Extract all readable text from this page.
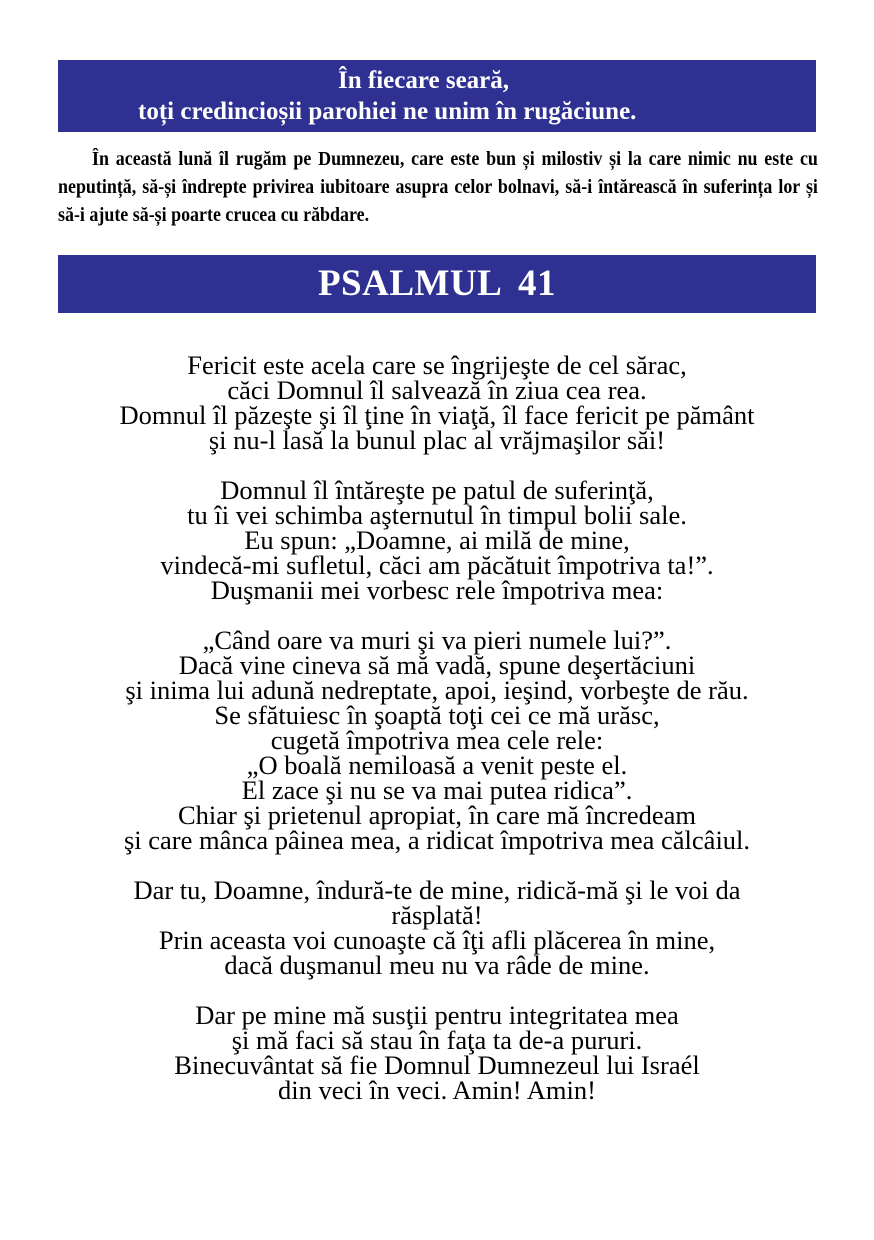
În fiecare seară,
toți credincioșii parohiei ne unim în rugăciune.

În această lună îl rugăm pe Dumnezeu, care este bun și milostiv și la care nimic nu este cu neputință, să-și îndrepte privirea iubitoare asupra celor bolnavi, să-i întărească în suferința lor și să-i ajute să-și poarte crucea cu răbdare.

PSALMUL 41
Fericit este acela care se îngrijeşte de cel sărac,
căci Domnul îl salvează în ziua cea rea.
Domnul îl păzeşte şi îl ţine în viaţă, îl face fericit pe pământ
şi nu-l lasă la bunul plac al vrăjmaşilor săi!
Domnul îl întăreşte pe patul de suferinţă,
tu îi vei schimba aşternutul în timpul bolii sale.
Eu spun: „Doamne, ai milă de mine,
vindecă-mi sufletul, căci am păcătuit împotriva ta!”.
Duşmanii mei vorbesc rele împotriva mea:
„Când oare va muri şi va pieri numele lui?”.
Dacă vine cineva să mă vadă, spune deşertăciuni
şi inima lui adună nedreptate, apoi, ieşind, vorbeşte de rău.
Se sfătuiesc în şoaptă toţi cei ce mă urăsc,
cugetă împotriva mea cele rele:
„O boală nemiloasă a venit peste el.
El zace şi nu se va mai putea ridica”.
Chiar şi prietenul apropiat, în care mă încredeam
şi care mânca pâinea mea, a ridicat împotriva mea călcâiul.
Dar tu, Doamne, îndură-te de mine, ridică-mă şi le voi da
răsplată!
Prin aceasta voi cunoaşte că îţi afli plăcerea în mine,
dacă duşmanul meu nu va râde de mine.
Dar pe mine mă susţii pentru integritatea mea
şi mă faci să stau în faţa ta de-a pururi.
Binecuvântat să fie Domnul Dumnezeul lui Israél
din veci în veci. Amin! Amin!
